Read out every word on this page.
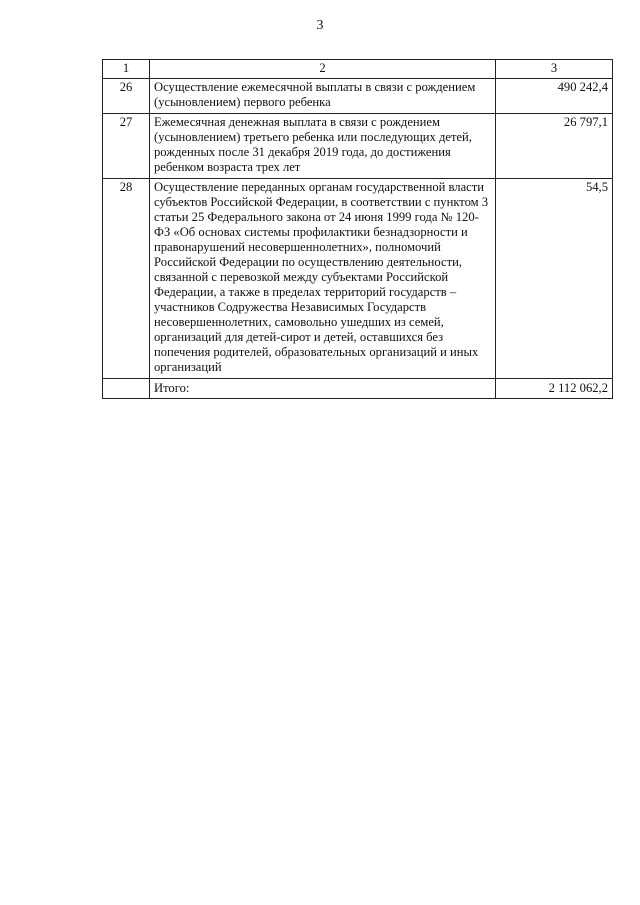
3
1	2	3
26	Осуществление ежемесячной выплаты в связи с рождением (усыновлением) первого ребенка	490 242,4
27	Ежемесячная денежная выплата в связи с рождением (усыновлением) третьего ребенка или последующих детей, рожденных после 31 декабря 2019 года, до достижения ребенком возраста трех лет	26 797,1
28	Осуществление переданных органам государственной власти субъектов Российской Федерации, в соответствии с пунктом 3 статьи 25 Федерального закона от 24 июня 1999 года № 120-ФЗ «Об основах системы профилактики безнадзорности и правонарушений несовершеннолетних», полномочий Российской Федерации по осуществлению деятельности, связанной с перевозкой между субъектами Российской Федерации, а также в пределах территорий государств – участников Содружества Независимых Государств несовершеннолетних, самовольно ушедших из семей, организаций для детей-сирот и детей, оставшихся без попечения родителей, образовательных организаций и иных организаций	54,5
	Итого:	2 112 062,2
